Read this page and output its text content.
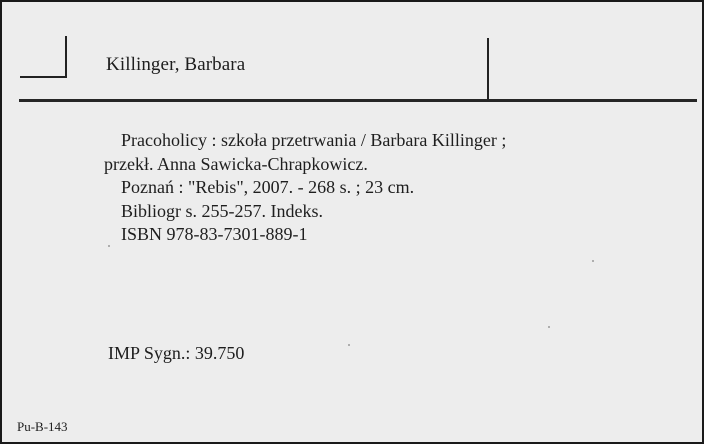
Killinger, Barbara
Pracoholicy : szkoła przetrwania / Barbara Killinger ;
przekł. Anna Sawicka-Chrapkowicz.
Poznań : "Rebis", 2007. - 268 s. ; 23 cm.
Bibliogr s. 255-257. Indeks.
ISBN 978-83-7301-889-1
IMP Sygn.: 39.750
Pu-B-143
